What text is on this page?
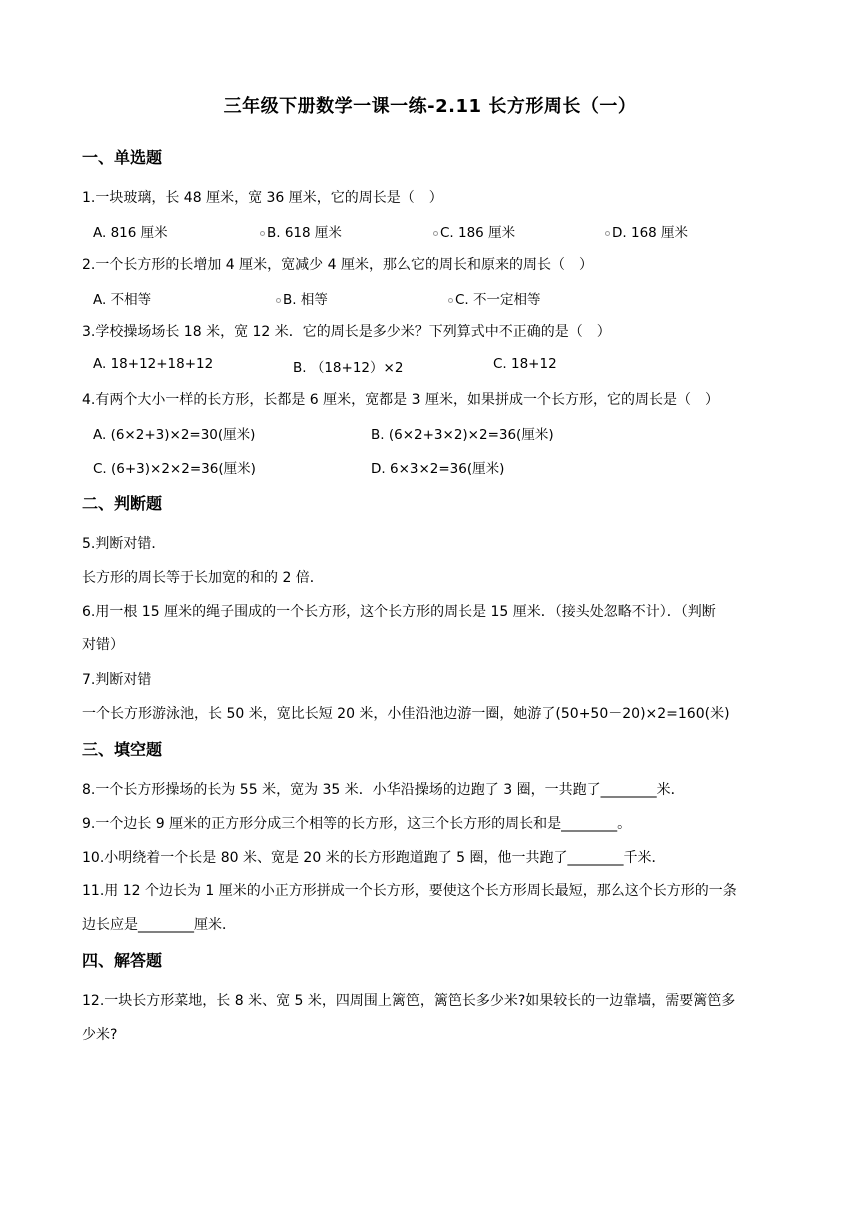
三年级下册数学一课一练-2.11 长方形周长（一）
一、单选题
1.一块玻璃，长 48 厘米，宽 36 厘米，它的周长是（　）
A. 816 厘米	B. 618 厘米	C. 186 厘米	D. 168 厘米
2.一个长方形的长增加 4 厘米，宽减少 4 厘米，那么它的周长和原来的周长（　）
A. 不相等	B. 相等	C. 不一定相等
3.学校操场场长 18 米，宽 12 米．它的周长是多少米？下列算式中不正确的是（　）
A. 18+12+18+12	B. （18+12）×2	C. 18+12
4.有两个大小一样的长方形，长都是 6 厘米，宽都是 3 厘米，如果拼成一个长方形，它的周长是（　）
A. (6×2+3)×2=30(厘米)	B. (6×2+3×2)×2=36(厘米)
C. (6+3)×2×2=36(厘米)	D. 6×3×2=36(厘米)
二、判断题
5.判断对错．
长方形的周长等于长加宽的和的 2 倍．
6.用一根 15 厘米的绳子围成的一个长方形，这个长方形的周长是 15 厘米．（接头处忽略不计）．（判断
对错）
7.判断对错
一个长方形游泳池，长 50 米，宽比长短 20 米，小佳沿池边游一圈，她游了(50+50－20)×2=160(米)
三、填空题
8.一个长方形操场的长为 55 米，宽为 35 米．小华沿操场的边跑了 3 圈，一共跑了________米．
9.一个边长 9 厘米的正方形分成三个相等的长方形，这三个长方形的周长和是________。
10.小明绕着一个长是 80 米、宽是 20 米的长方形跑道跑了 5 圈，他一共跑了________千米．
11.用 12 个边长为 1 厘米的小正方形拼成一个长方形，要使这个长方形周长最短，那么这个长方形的一条
边长应是________厘米．
四、解答题
12.一块长方形菜地，长 8 米、宽 5 米，四周围上篱笆，篱笆长多少米?如果较长的一边靠墙，需要篱笆多
少米?
